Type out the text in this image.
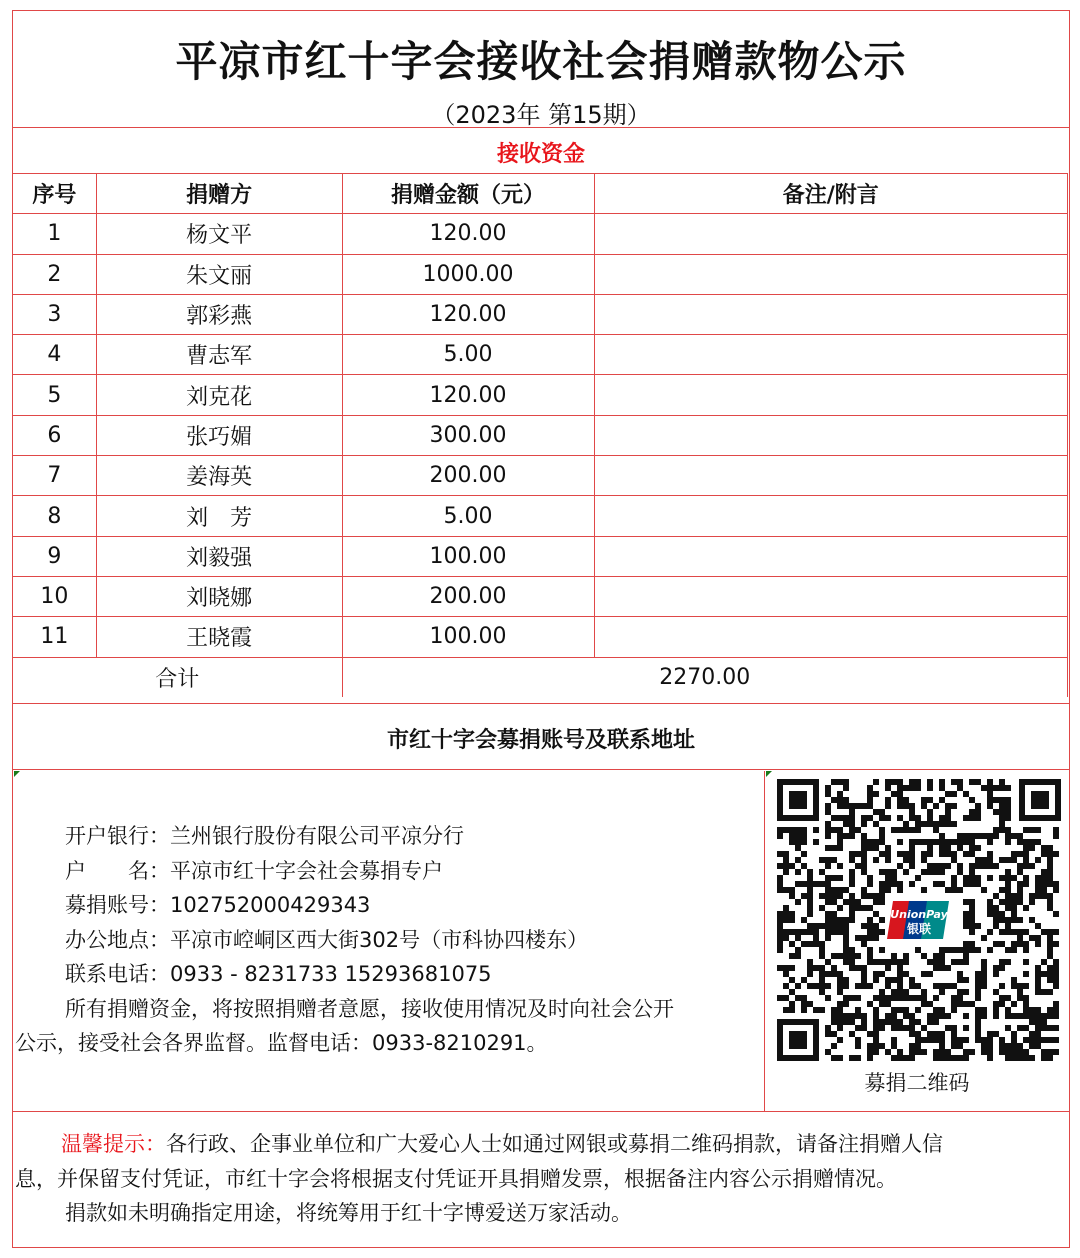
平凉市红十字会接收社会捐赠款物公示
（2023年 第15期）
接收资金
序号	捐赠方	捐赠金额（元）	备注/附言
1	杨文平	120.00	
2	朱文丽	1000.00	
3	郭彩燕	120.00	
4	曹志军	5.00	
5	刘克花	120.00	
6	张巧媚	300.00	
7	姜海英	200.00	
8	刘　芳	5.00	
9	刘毅强	100.00	
10	刘晓娜	200.00	
11	王晓霞	100.00	
合计		2270.00	
市红十字会募捐账号及联系地址
开户银行：兰州银行股份有限公司平凉分行
户　　名：平凉市红十字会社会募捐专户
募捐账号：102752000429343
办公地点：平凉市崆峒区西大街302号（市科协四楼东）
联系电话：0933 - 8231733 15293681075
所有捐赠资金，将按照捐赠者意愿，接收使用情况及时向社会公开
公示，接受社会各界监督。监督电话：0933-8210291。
UnionPay
银联
募捐二维码
温馨提示：各行政、企事业单位和广大爱心人士如通过网银或募捐二维码捐款，请备注捐赠人信
息，并保留支付凭证，市红十字会将根据支付凭证开具捐赠发票，根据备注内容公示捐赠情况。
捐款如未明确指定用途，将统筹用于红十字博爱送万家活动。
